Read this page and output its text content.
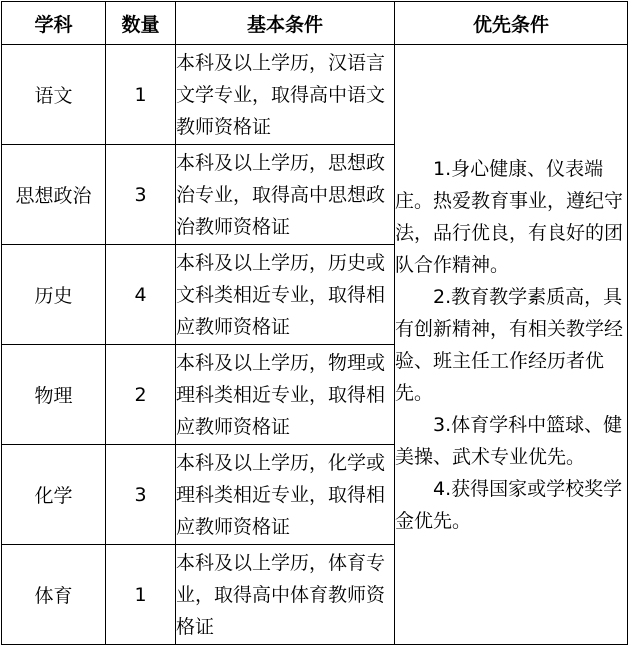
学科	数量	基本条件	优先条件
语文	1	本科及以上学历，汉语言文学专业，取得高中语文教师资格证	1.身心健康、仪表端庄。热爱教育事业，遵纪守法，品行优良，有良好的团队合作精神。

2.教育教学素质高，具有创新精神，有相关教学经验、班主任工作经历者优先。

3.体育学科中篮球、健美操、武术专业优先。

4.获得国家或学校奖学金优先。

思想政治	3	本科及以上学历，思想政治专业，取得高中思想政治教师资格证	
历史	4	本科及以上学历，历史或文科类相近专业，取得相应教师资格证	
物理	2	本科及以上学历，物理或理科类相近专业，取得相应教师资格证	
化学	3	本科及以上学历，化学或理科类相近专业，取得相应教师资格证	
体育	1	本科及以上学历，体育专业，取得高中体育教师资格证	
